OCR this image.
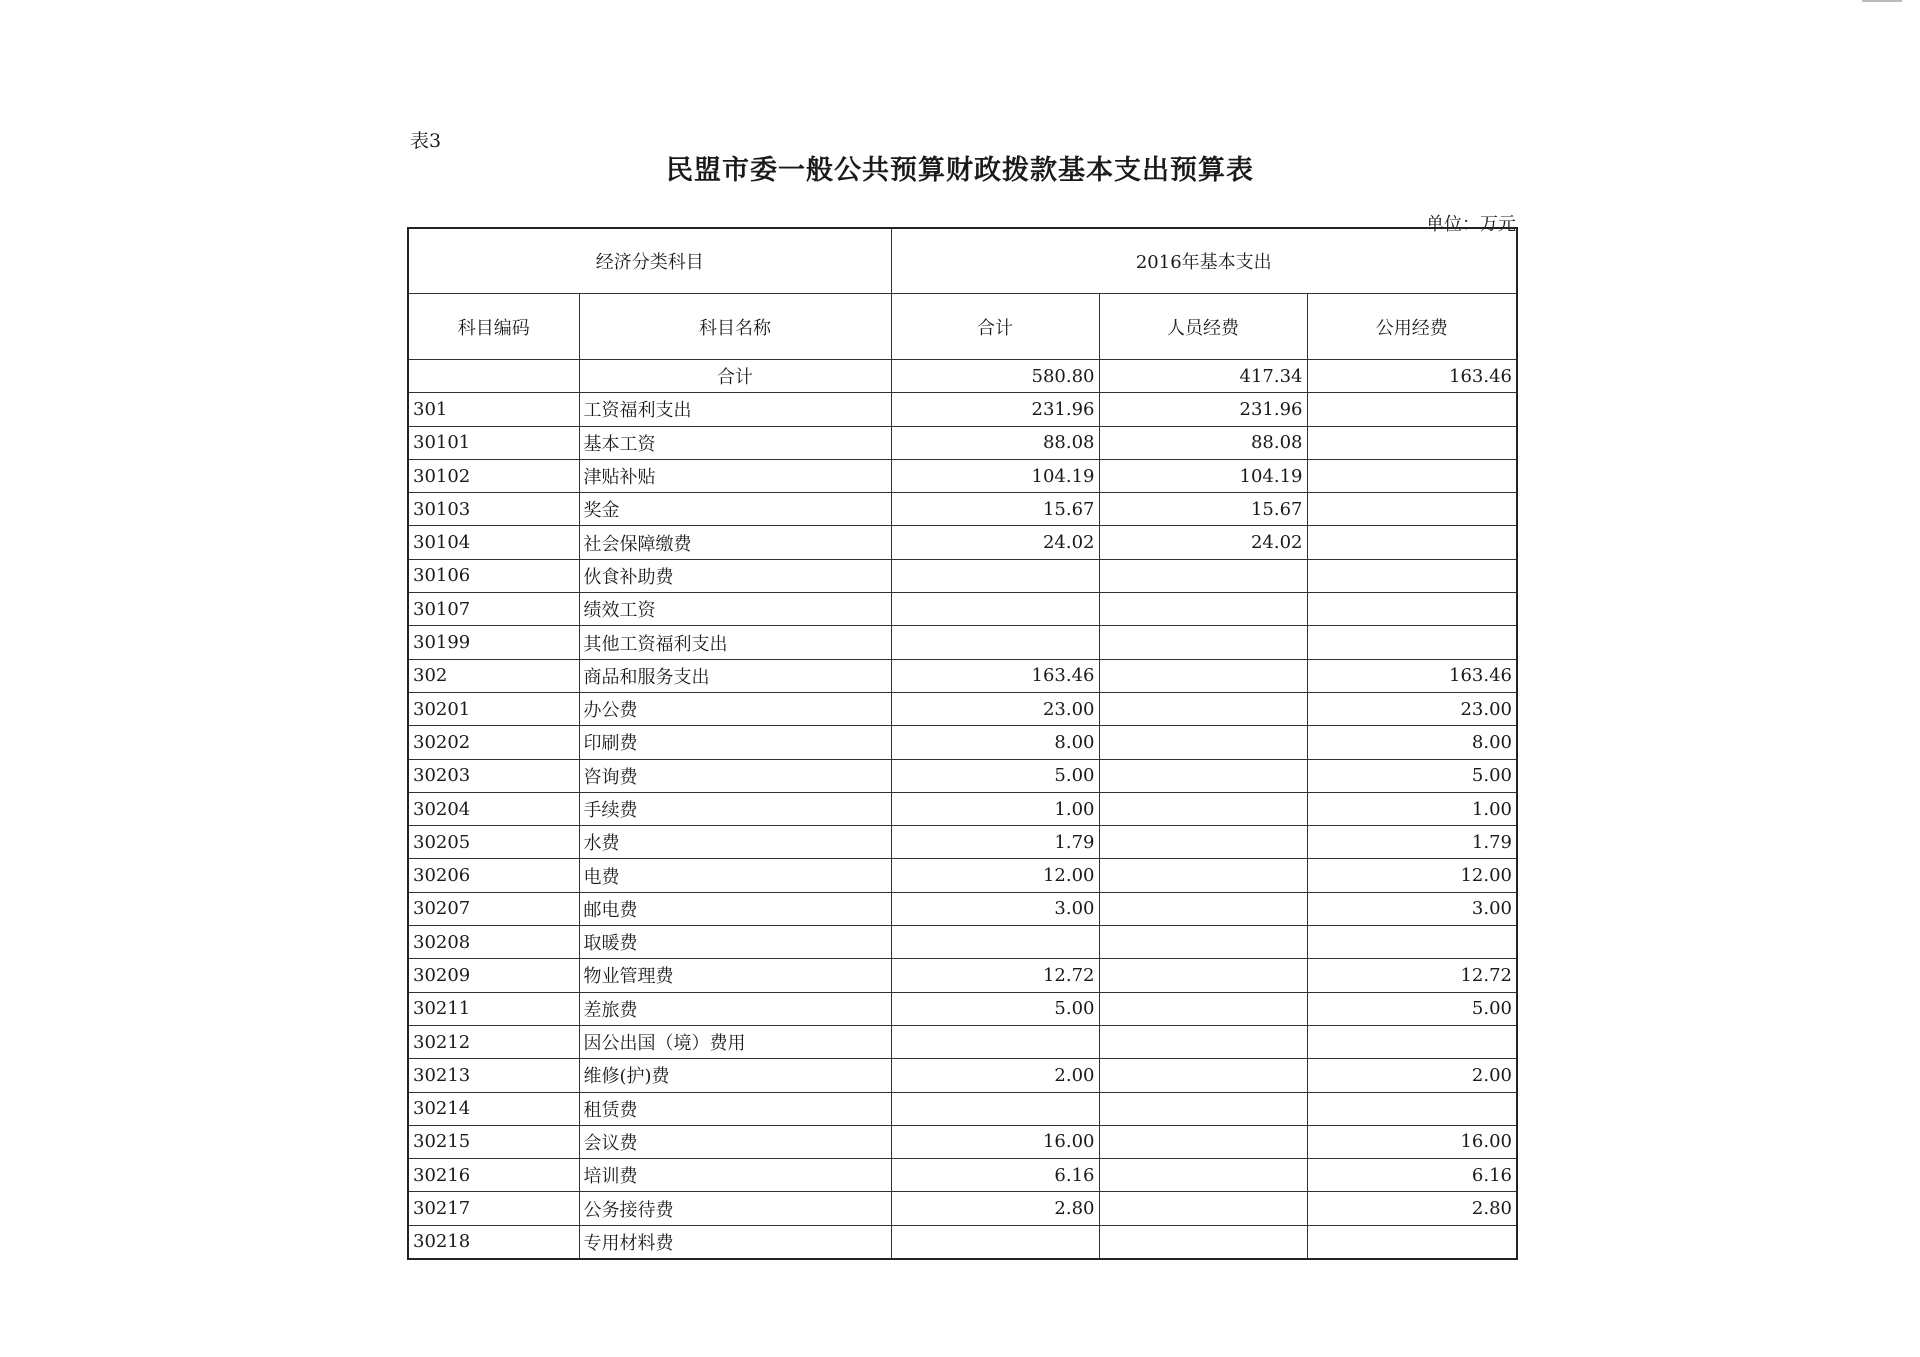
表3
民盟市委一般公共预算财政拨款基本支出预算表
单位：万元
经济分类科目		2016年基本支出		
科目编码	科目名称	合计	人员经费	公用经费
	合计	580.80	417.34	163.46
301	工资福利支出	231.96	231.96	
30101	基本工资	88.08	88.08	
30102	津贴补贴	104.19	104.19	
30103	奖金	15.67	15.67	
30104	社会保障缴费	24.02	24.02	
30106	伙食补助费			
30107	绩效工资			
30199	其他工资福利支出			
302	商品和服务支出	163.46		163.46
30201	办公费	23.00		23.00
30202	印刷费	8.00		8.00
30203	咨询费	5.00		5.00
30204	手续费	1.00		1.00
30205	水费	1.79		1.79
30206	电费	12.00		12.00
30207	邮电费	3.00		3.00
30208	取暖费			
30209	物业管理费	12.72		12.72
30211	差旅费	5.00		5.00
30212	因公出国（境）费用			
30213	维修(护)费	2.00		2.00
30214	租赁费			
30215	会议费	16.00		16.00
30216	培训费	6.16		6.16
30217	公务接待费	2.80		2.80
30218	专用材料费			
